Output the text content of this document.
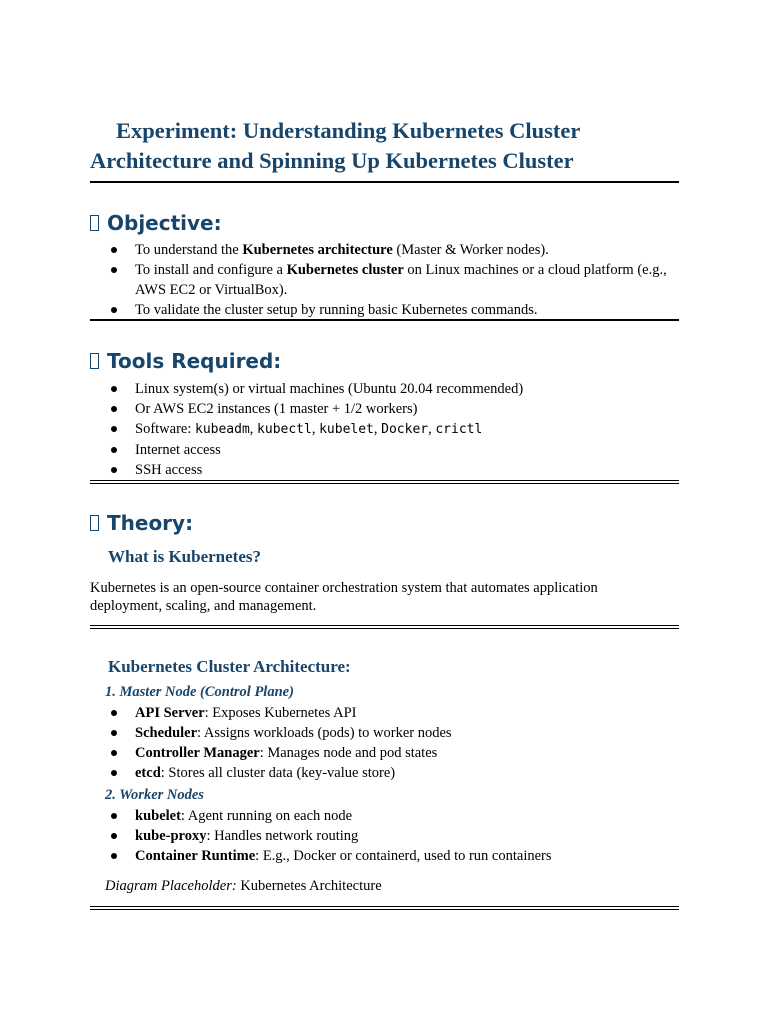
Experiment: Understanding Kubernetes Cluster Architecture and Spinning Up Kubernetes Cluster
Objective:
To understand the Kubernetes architecture (Master & Worker nodes).
To install and configure a Kubernetes cluster on Linux machines or a cloud platform (e.g., AWS EC2 or VirtualBox).
To validate the cluster setup by running basic Kubernetes commands.
Tools Required:
Linux system(s) or virtual machines (Ubuntu 20.04 recommended)
Or AWS EC2 instances (1 master + 1/2 workers)
Software: kubeadm, kubectl, kubelet, Docker, crictl
Internet access
SSH access
Theory:
What is Kubernetes?

Kubernetes is an open-source container orchestration system that automates application deployment, scaling, and management.

Kubernetes Cluster Architecture:
1. Master Node (Control Plane)
API Server: Exposes Kubernetes API
Scheduler: Assigns workloads (pods) to worker nodes
Controller Manager: Manages node and pod states
etcd: Stores all cluster data (key-value store)
2. Worker Nodes
kubelet: Agent running on each node
kube-proxy: Handles network routing
Container Runtime: E.g., Docker or containerd, used to run containers

Diagram Placeholder: Kubernetes Architecture
